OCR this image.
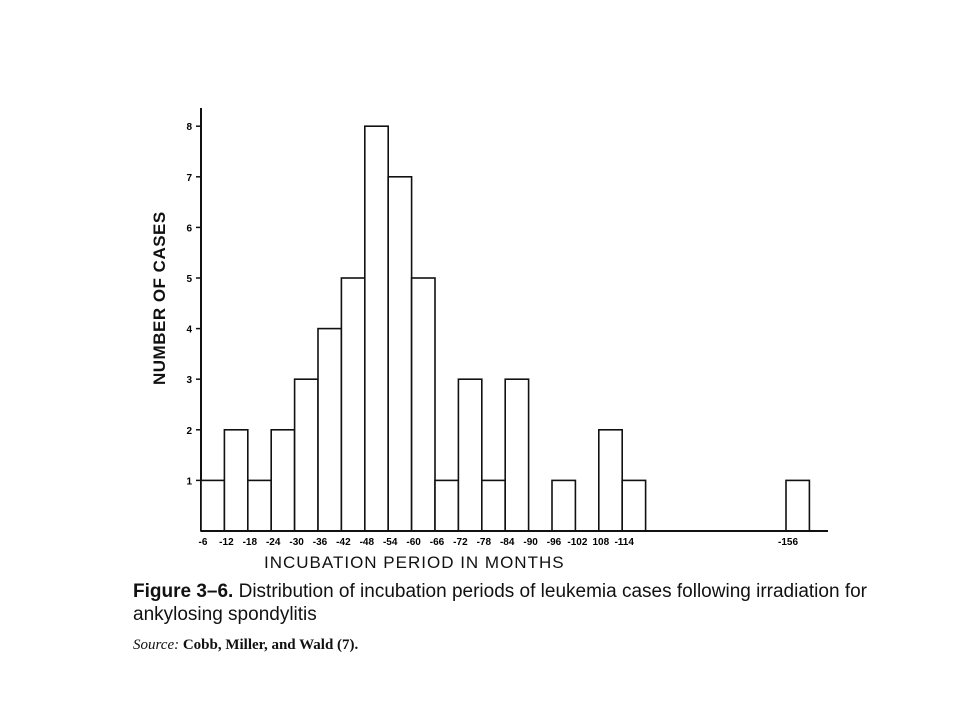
1
2
3
4
5
6
7
8
-6 -12 -18 -24 -30 -36 -42 -48 -54 -60 -66 -72 -78 -84 -90 -96 -102 108 -114	-156
NUMBER OF CASES
INCUBATION PERIOD IN MONTHS
Figure 3–6. Distribution of incubation periods of leukemia cases following irradiation for ankylosing spondylitis
Source: Cobb, Miller, and Wald (7).
